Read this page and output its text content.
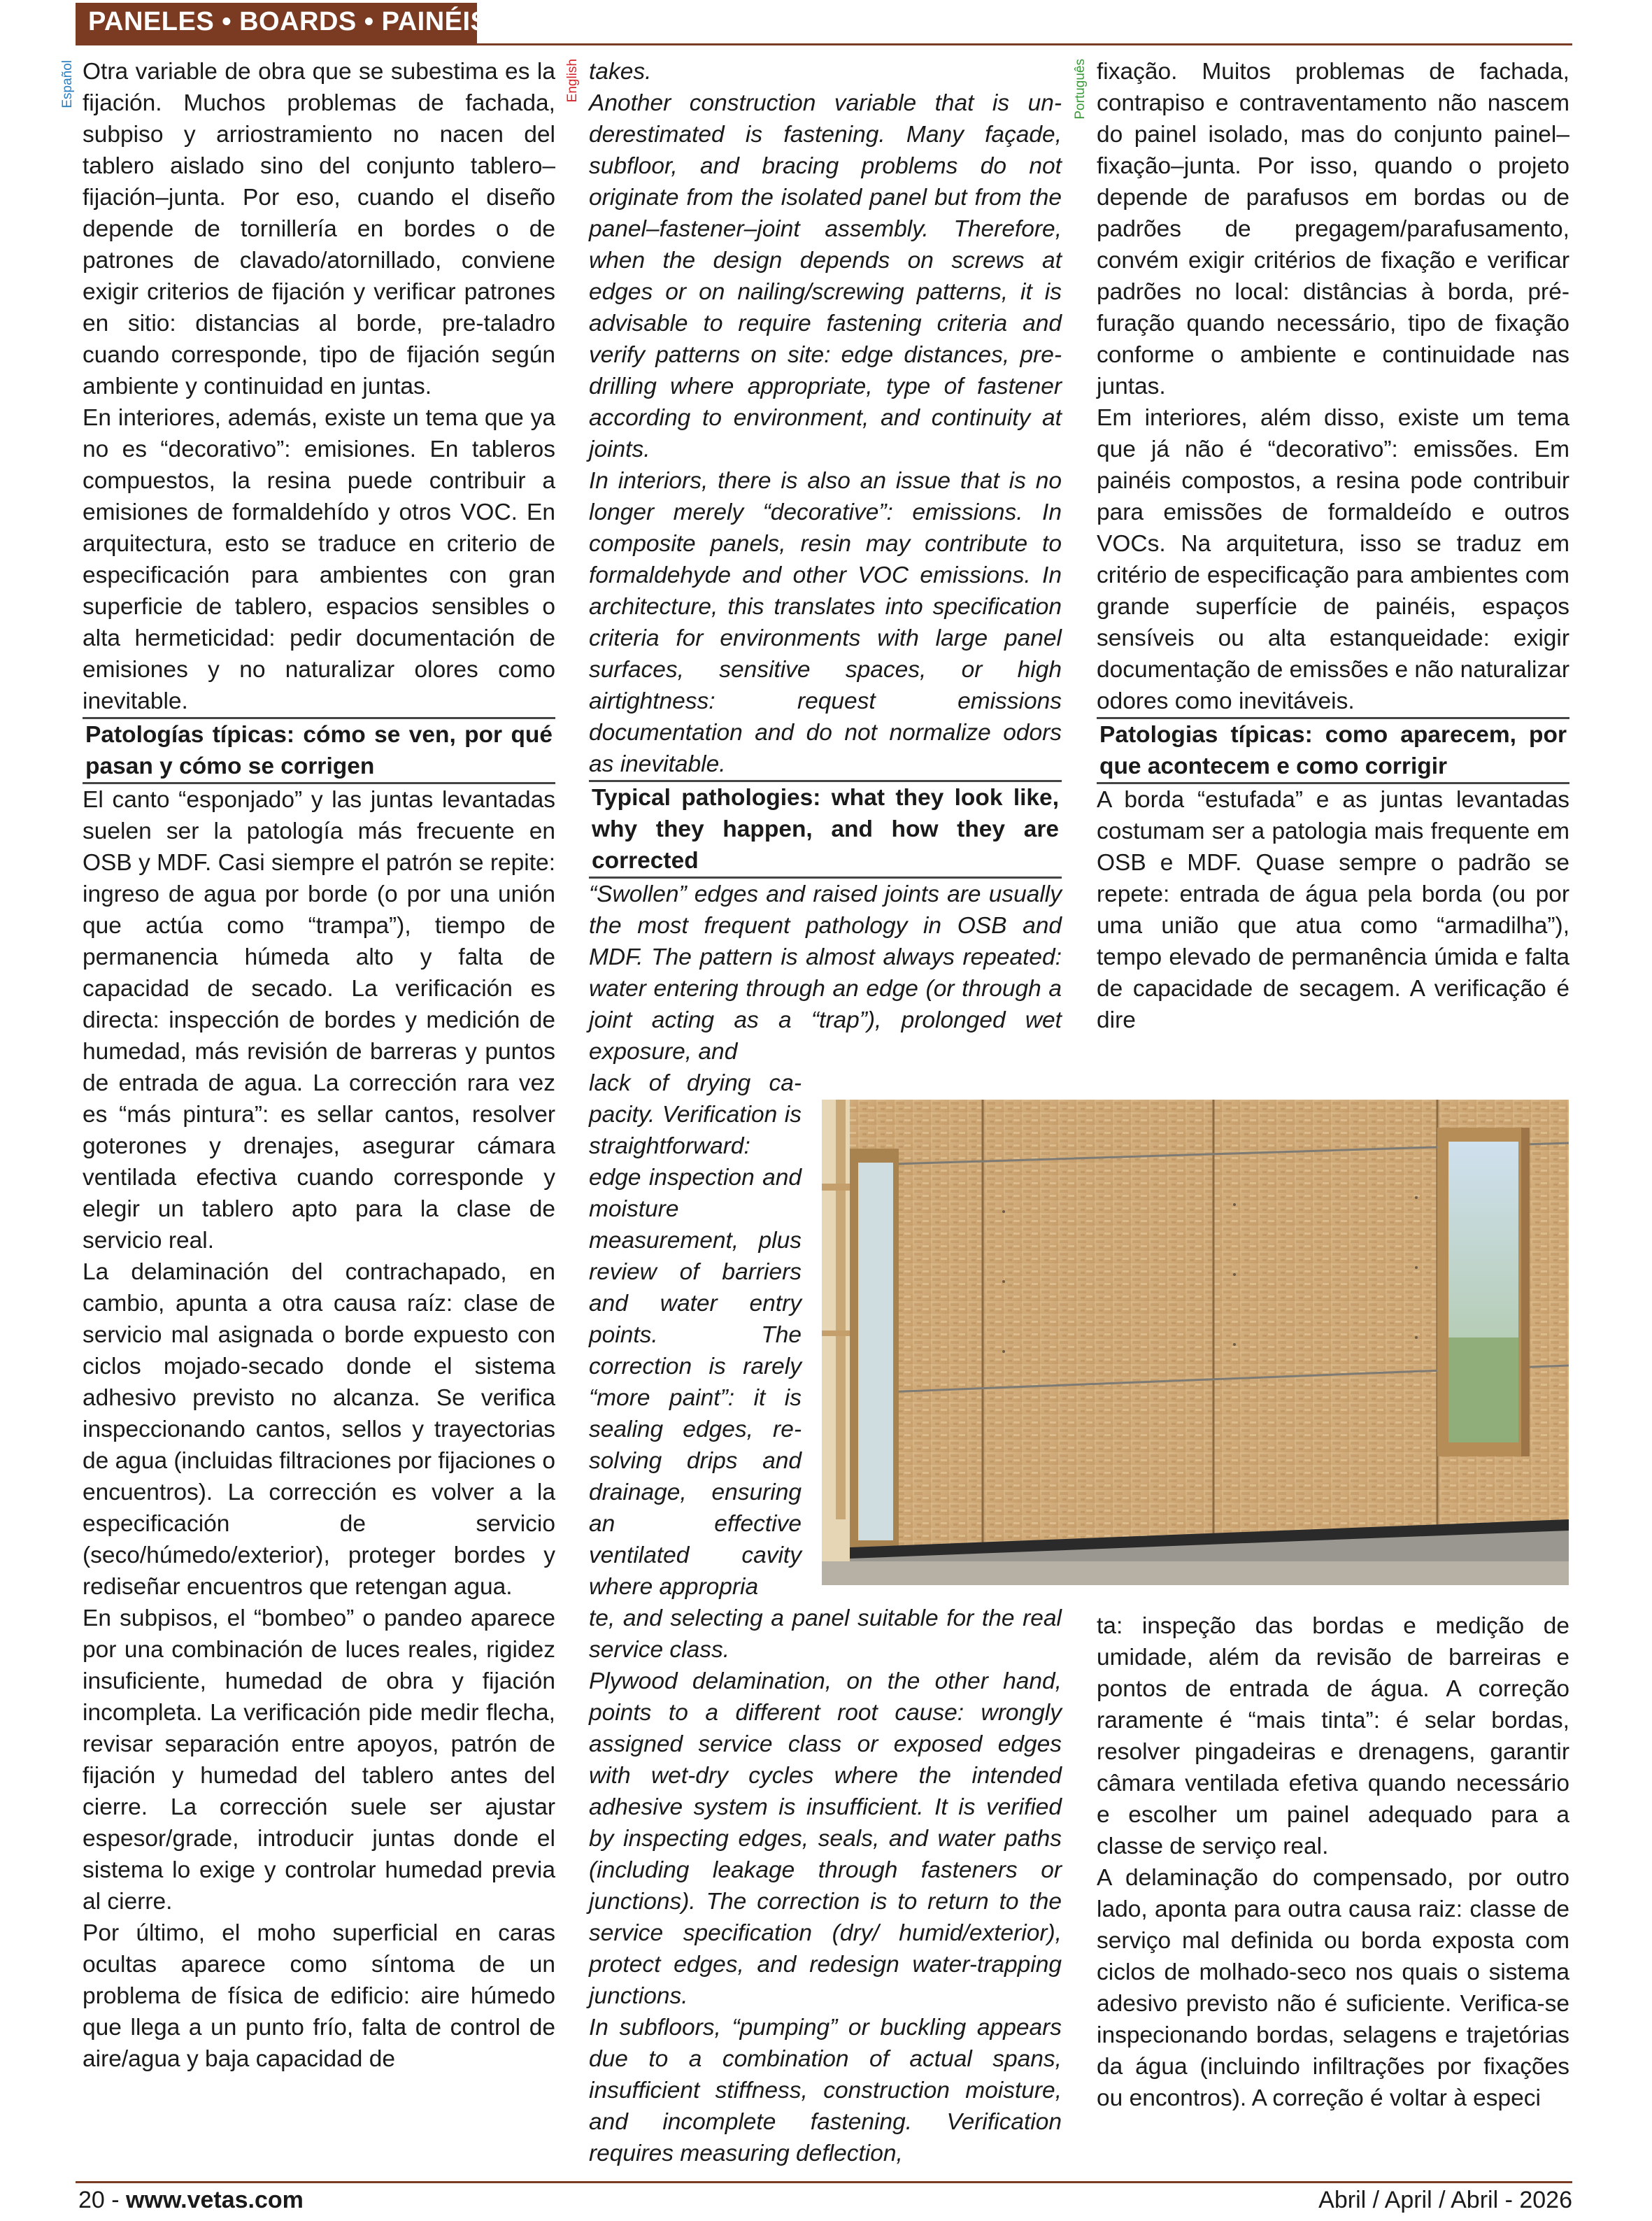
PANELES • BOARDS • PAINÉIS
Español	English	Português

Otra variable de obra que se subestima es la fijación. Muchos problemas de fachada, subpiso y arriostramiento no nacen del tablero aislado sino del conjunto tablero–fijación–junta. Por eso, cuando el diseño depende de tornillería en bordes o de patrones de clavado/atornillado, conviene exigir criterios de fijación y verificar patrones en sitio: distancias al borde, pre-taladro cuando corresponde, tipo de fijación según ambiente y continuidad en juntas.

En interiores, además, existe un tema que ya no es “decorativo”: emisiones. En tableros compuestos, la resina puede contribuir a emisiones de formaldehído y otros VOC. En arquitectura, esto se traduce en criterio de especificación para ambientes con gran superficie de tablero, espacios sensibles o alta hermeticidad: pedir documentación de emisiones y no naturalizar olores como inevitable.

Patologías típicas: cómo se ven, por qué pasan y cómo se corrigen

El canto “esponjado” y las juntas levantadas suelen ser la patología más frecuente en OSB y MDF. Casi siempre el patrón se repite: ingreso de agua por borde (o por una unión que actúa como “trampa”), tiempo de permanencia húmeda alto y falta de capacidad de secado. La verificación es directa: inspección de bordes y medición de humedad, más revisión de barreras y puntos de entrada de agua. La corrección rara vez es “más pintura”: es sellar cantos, resolver goterones y drenajes, asegurar cámara ventilada efectiva cuando corresponde y elegir un tablero apto para la clase de servicio real.

La delaminación del contrachapado, en cambio, apunta a otra causa raíz: clase de servicio mal asignada o borde expuesto con ciclos mojado-secado donde el sistema adhesivo previsto no alcanza. Se verifica inspeccionando cantos, sellos y trayectorias de agua (incluidas filtraciones por fijaciones o encuentros). La corrección es volver a la especificación de servicio (seco/húmedo/exterior), proteger bordes y rediseñar encuentros que retengan agua.

En subpisos, el “bombeo” o pandeo aparece por una combinación de luces reales, rigidez insuficiente, humedad de obra y fijación incompleta. La verificación pide medir flecha, revisar separación entre apoyos, patrón de fijación y humedad del tablero antes del cierre. La corrección suele ser ajustar espesor/grade, introducir juntas donde el sistema lo exige y controlar humedad previa al cierre.

Por último, el moho superficial en caras ocultas aparece como síntoma de un problema de física de edificio: aire húmedo que llega a un punto frío, falta de control de aire/agua y baja capacidad de

takes.

Another construction variable that is underestimated is fastening. Many façade, subfloor, and bracing problems do not originate from the isolated panel but from the panel–fastener–joint assembly. Therefore, when the design depends on screws at edges or on nailing/screwing patterns, it is advisable to require fastening criteria and verify patterns on site: edge distances, pre-drilling where appropriate, type of fastener according to environment, and continuity at joints.

In interiors, there is also an issue that is no longer merely “decorative”: emissions. In composite panels, resin may contribute to formaldehyde and other VOC emissions. In architecture, this translates into specification criteria for environments with large panel surfaces, sensitive spaces, or high airtightness: request emissions documentation and do not normalize odors as inevitable.

Typical pathologies: what they look like, why they happen, and how they are corrected

“Swollen” edges and raised joints are usually the most frequent pathology in OSB and MDF. The pattern is almost always repeated: water entering through an edge (or through a joint acting as a “trap”), prolonged wet exposure, and

lack of drying capacity. Verification is straightforward: edge inspection and moisture measurement, plus review of barriers and water entry points. The correction is rarely “more paint”: it is sealing edges, resolving drips and drainage, ensuring an effective ventilated cavity where appropria

te, and selecting a panel suitable for the real service class.

Plywood delamination, on the other hand, points to a different root cause: wrongly assigned service class or exposed edges with wet-dry cycles where the intended adhesive system is insufficient. It is verified by inspecting edges, seals, and water paths (including leakage through fasteners or junctions). The correction is to return to the service specification (dry/ humid/exterior), protect edges, and redesign water-trapping junctions.

In subfloors, “pumping” or buckling appears due to a combination of actual spans, insufficient stiffness, construction moisture, and incomplete fastening. Verification requires measuring deflection,

fixação. Muitos problemas de fachada, contrapiso e contraventamento não nascem do painel isolado, mas do conjunto painel–fixação–junta. Por isso, quando o projeto depende de parafusos em bordas ou de padrões de pregagem/parafusamento, convém exigir critérios de fixação e verificar padrões no local: distâncias à borda, pré-furação quando necessário, tipo de fixação conforme o ambiente e continuidade nas juntas.

Em interiores, além disso, existe um tema que já não é “decorativo”: emissões. Em painéis compostos, a resina pode contribuir para emissões de formaldeído e outros VOCs. Na arquitetura, isso se traduz em critério de especificação para ambientes com grande superfície de painéis, espaços sensíveis ou alta estanqueidade: exigir documentação de emissões e não naturalizar odores como inevitáveis.

Patologias típicas: como aparecem, por que acontecem e como corrigir

A borda “estufada” e as juntas levantadas costumam ser a patologia mais frequente em OSB e MDF. Quase sempre o padrão se repete: entrada de água pela borda (ou por uma união que atua como “armadilha”), tempo elevado de permanência úmida e falta de capacidade de secagem. A verificação é dire

ta: inspeção das bordas e medição de umidade, além da revisão de barreiras e pontos de entrada de água. A correção raramente é “mais tinta”: é selar bordas, resolver pingadeiras e drenagens, garantir câmara ventilada efetiva quando necessário e escolher um painel adequado para a classe de serviço real.

A delaminação do compensado, por outro lado, aponta para outra causa raiz: classe de serviço mal definida ou borda exposta com ciclos de molhado-seco nos quais o sistema adesivo previsto não é suficiente. Verifica-se inspecionando bordas, selagens e trajetórias da água (incluindo infiltrações por fixações ou encontros). A correção é voltar à especi

20 - www.vetas.com	Abril / April / Abril - 2026
